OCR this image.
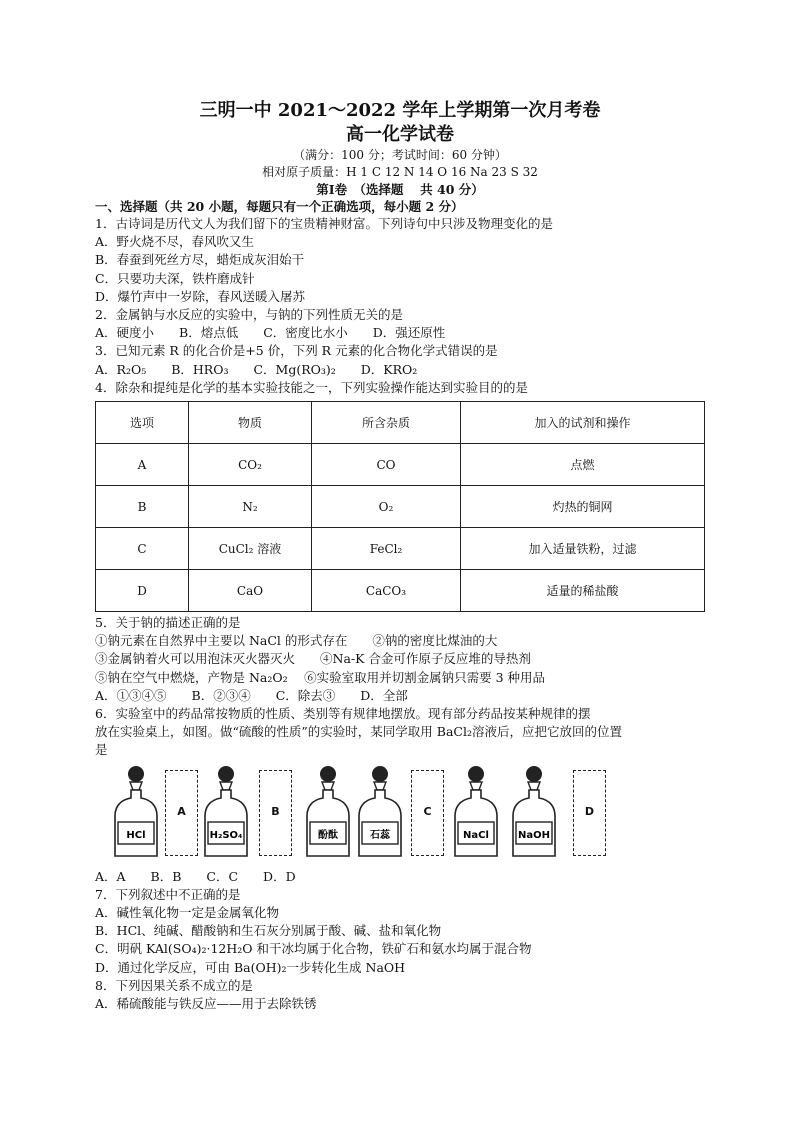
三明一中 2021～2022 学年上学期第一次月考卷
高一化学试卷
（满分：100 分；考试时间：60 分钟）
相对原子质量：H 1 C 12 N 14 O 16 Na 23 S 32
第Ⅰ卷　（选择题　 共 40 分）
一、选择题（共 20 小题，每题只有一个正确选项，每小题 2 分）
1．古诗词是历代文人为我们留下的宝贵精神财富。下列诗句中只涉及物理变化的是
A．野火烧不尽，春风吹又生
B．春蚕到死丝方尽，蜡炬成灰泪始干
C．只要功夫深，铁杵磨成针
D．爆竹声中一岁除，春风送暖入屠苏
2．金属钠与水反应的实验中，与钠的下列性质无关的是
A．硬度小　　B．熔点低　　C．密度比水小　　D．强还原性
3．已知元素 R 的化合价是+5 价，下列 R 元素的化合物化学式错误的是
A．R₂O₅　　B．HRO₃　　C．Mg(RO₃)₂　　D．KRO₂
4．除杂和提纯是化学的基本实验技能之一，下列实验操作能达到实验目的的是
选项	物质	所含杂质	加入的试剂和操作
A	CO₂	CO	点燃
B	N₂	O₂	灼热的铜网
C	CuCl₂ 溶液	FeCl₂	加入适量铁粉，过滤
D	CaO	CaCO₃	适量的稀盐酸
5．关于钠的描述正确的是
①钠元素在自然界中主要以 NaCl 的形式存在　　②钠的密度比煤油的大
③金属钠着火可以用泡沫灭火器灭火　　④Na-K 合金可作原子反应堆的导热剂
⑤钠在空气中燃烧，产物是 Na₂O₂　 ⑥实验室取用并切割金属钠只需要 3 种用品
A．①③④⑤　　B．②③④　　C．除去③　　D．全部
6．实验室中的药品常按物质的性质、类别等有规律地摆放。现有部分药品按某种规律的摆
放在实验桌上，如图。做“硫酸的性质”的实验时，某同学取用 BaCl₂溶液后，应把它放回的位置
是
HCl
A
H₂SO₄
B
酚酞	石蕊
C
NaCl	NaOH
D
A．A　　B．B　　C．C　　D．D
7．下列叙述中不正确的是
A．碱性氧化物一定是金属氧化物
B．HCl、纯碱、醋酸钠和生石灰分别属于酸、碱、盐和氧化物
C．明矾 KAl(SO₄)₂·12H₂O 和干冰均属于化合物，铁矿石和氨水均属于混合物
D．通过化学反应，可由 Ba(OH)₂一步转化生成 NaOH
8．下列因果关系不成立的是
A．稀硫酸能与铁反应——用于去除铁锈
